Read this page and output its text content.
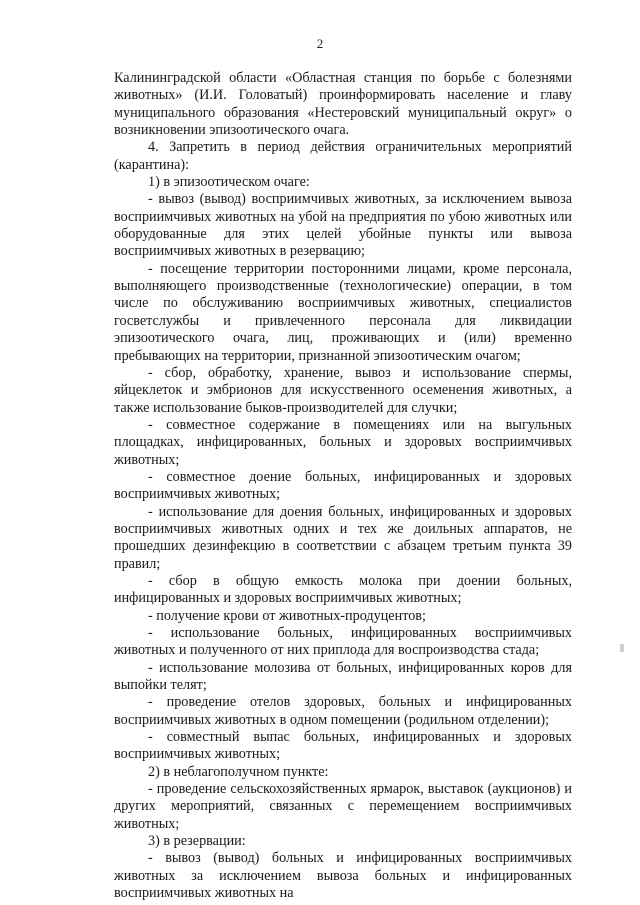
2

Калининградской области «Областная станция по борьбе с болезнями животных» (И.И. Головатый) проинформировать население и главу муниципального образования «Нестеровский муниципальный округ» о возникновении эпизоотического очага.

4. Запретить в период действия ограничительных мероприятий (карантина):

1) в эпизоотическом очаге:

- вывоз (вывод) восприимчивых животных, за исключением вывоза восприимчивых животных на убой на предприятия по убою животных или оборудованные для этих целей убойные пункты или вывоза восприимчивых животных в резервацию;

- посещение территории посторонними лицами, кроме персонала, выполняющего производственные (технологические) операции, в том числе по обслуживанию восприимчивых животных, специалистов госветслужбы и привлеченного персонала для ликвидации эпизоотического очага, лиц, проживающих и (или) временно пребывающих на территории, признанной эпизоотическим очагом;

- сбор, обработку, хранение, вывоз и использование спермы, яйцеклеток и эмбрионов для искусственного осеменения животных, а также использование быков-производителей для случки;

- совместное содержание в помещениях или на выгульных площадках, инфицированных, больных и здоровых восприимчивых животных;

- совместное доение больных, инфицированных и здоровых восприимчивых животных;

- использование для доения больных, инфицированных и здоровых восприимчивых животных одних и тех же доильных аппаратов, не прошедших дезинфекцию в соответствии с абзацем третьим пункта 39 правил;

- сбор в общую емкость молока при доении больных, инфицированных и здоровых восприимчивых животных;

- получение крови от животных-продуцентов;

- использование больных, инфицированных восприимчивых животных и полученного от них приплода для воспроизводства стада;

- использование молозива от больных, инфицированных коров для выпойки телят;

- проведение отелов здоровых, больных и инфицированных восприимчивых животных в одном помещении (родильном отделении);

- совместный выпас больных, инфицированных и здоровых восприимчивых животных;

2) в неблагополучном пункте:

- проведение сельскохозяйственных ярмарок, выставок (аукционов) и других мероприятий, связанных с перемещением восприимчивых животных;

3) в резервации:

- вывоз (вывод) больных и инфицированных восприимчивых животных за исключением вывоза больных и инфицированных восприимчивых животных на
